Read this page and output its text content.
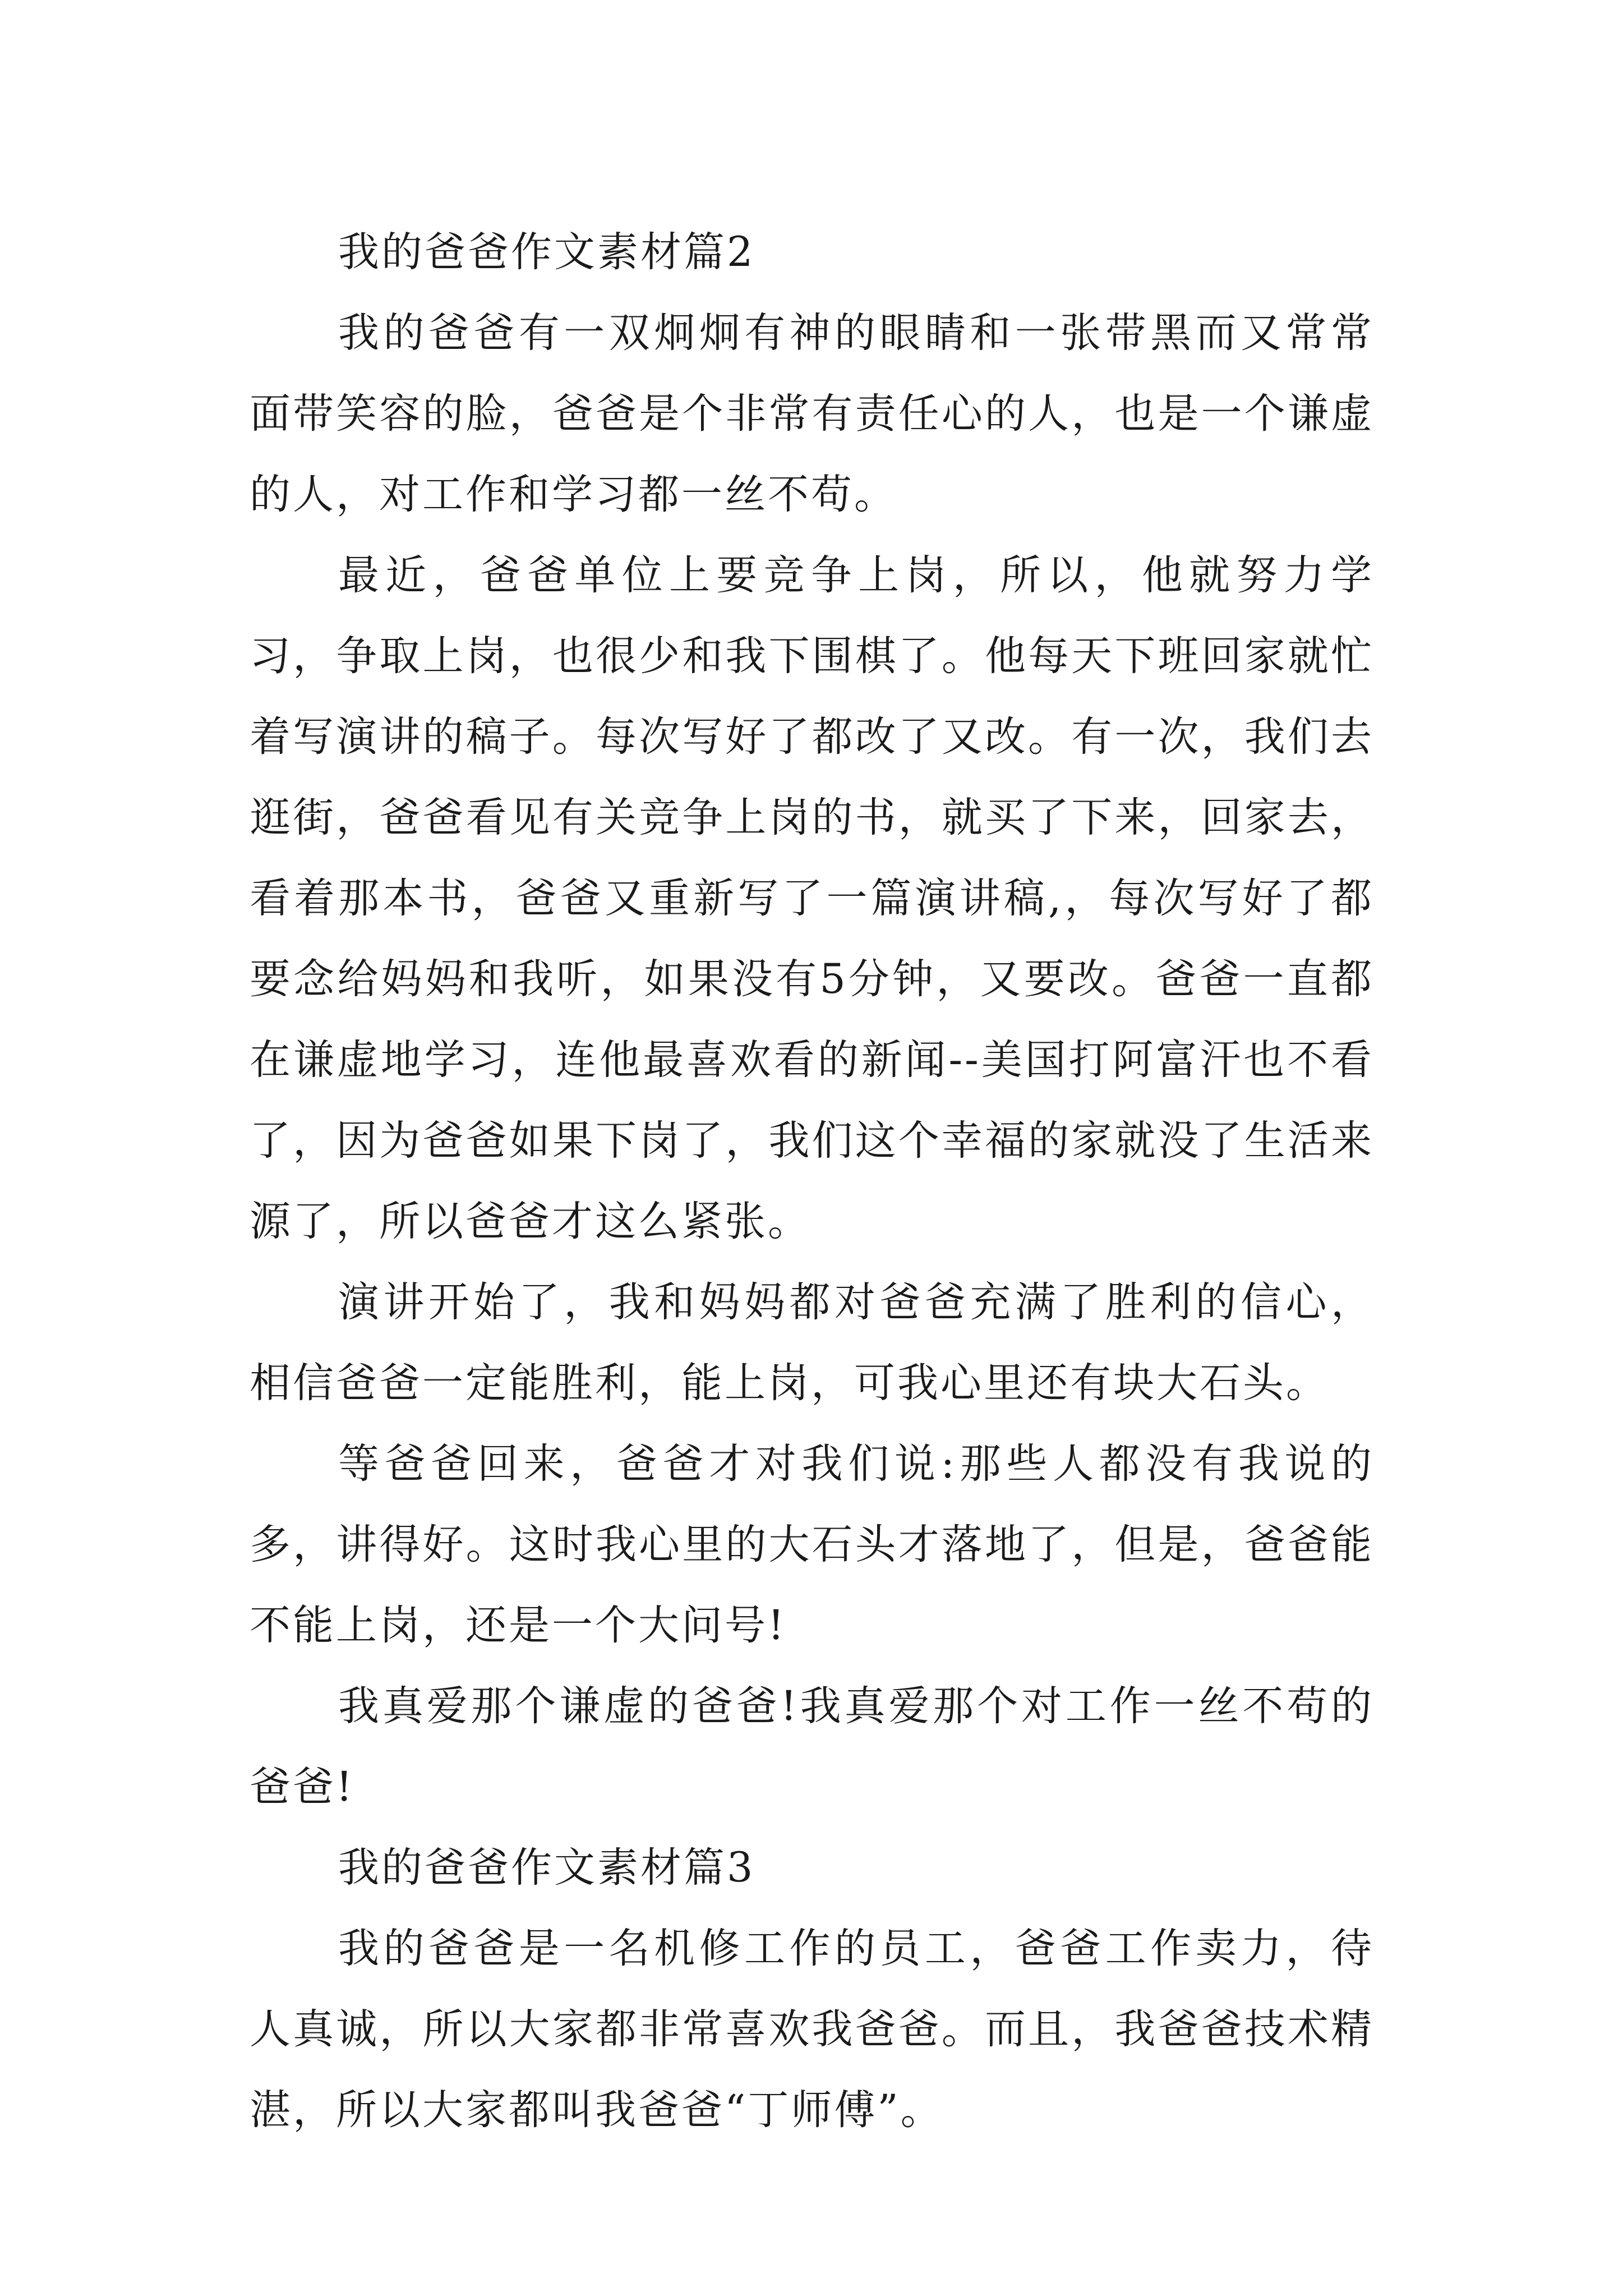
我的爸爸作文素材篇2

我的爸爸有一双炯炯有神的眼睛和一张带黑而又常常面带笑容的脸，爸爸是个非常有责任心的人，也是一个谦虚的人，对工作和学习都一丝不苟。

最近，爸爸单位上要竞争上岗，所以，他就努力学习，争取上岗，也很少和我下围棋了。他每天下班回家就忙着写演讲的稿子。每次写好了都改了又改。有一次，我们去逛街，爸爸看见有关竞争上岗的书，就买了下来，回家去，看着那本书，爸爸又重新写了一篇演讲稿,，每次写好了都要念给妈妈和我听，如果没有5分钟，又要改。爸爸一直都在谦虚地学习，连他最喜欢看的新闻--美国打阿富汗也不看了，因为爸爸如果下岗了，我们这个幸福的家就没了生活来源了，所以爸爸才这么紧张。

演讲开始了，我和妈妈都对爸爸充满了胜利的信心，相信爸爸一定能胜利，能上岗，可我心里还有块大石头。

等爸爸回来，爸爸才对我们说:那些人都没有我说的多，讲得好。这时我心里的大石头才落地了，但是，爸爸能不能上岗，还是一个大问号!

我真爱那个谦虚的爸爸!我真爱那个对工作一丝不苟的爸爸!

我的爸爸作文素材篇3

我的爸爸是一名机修工作的员工，爸爸工作卖力，待人真诚，所以大家都非常喜欢我爸爸。而且，我爸爸技术精湛，所以大家都叫我爸爸“丁师傅”。
